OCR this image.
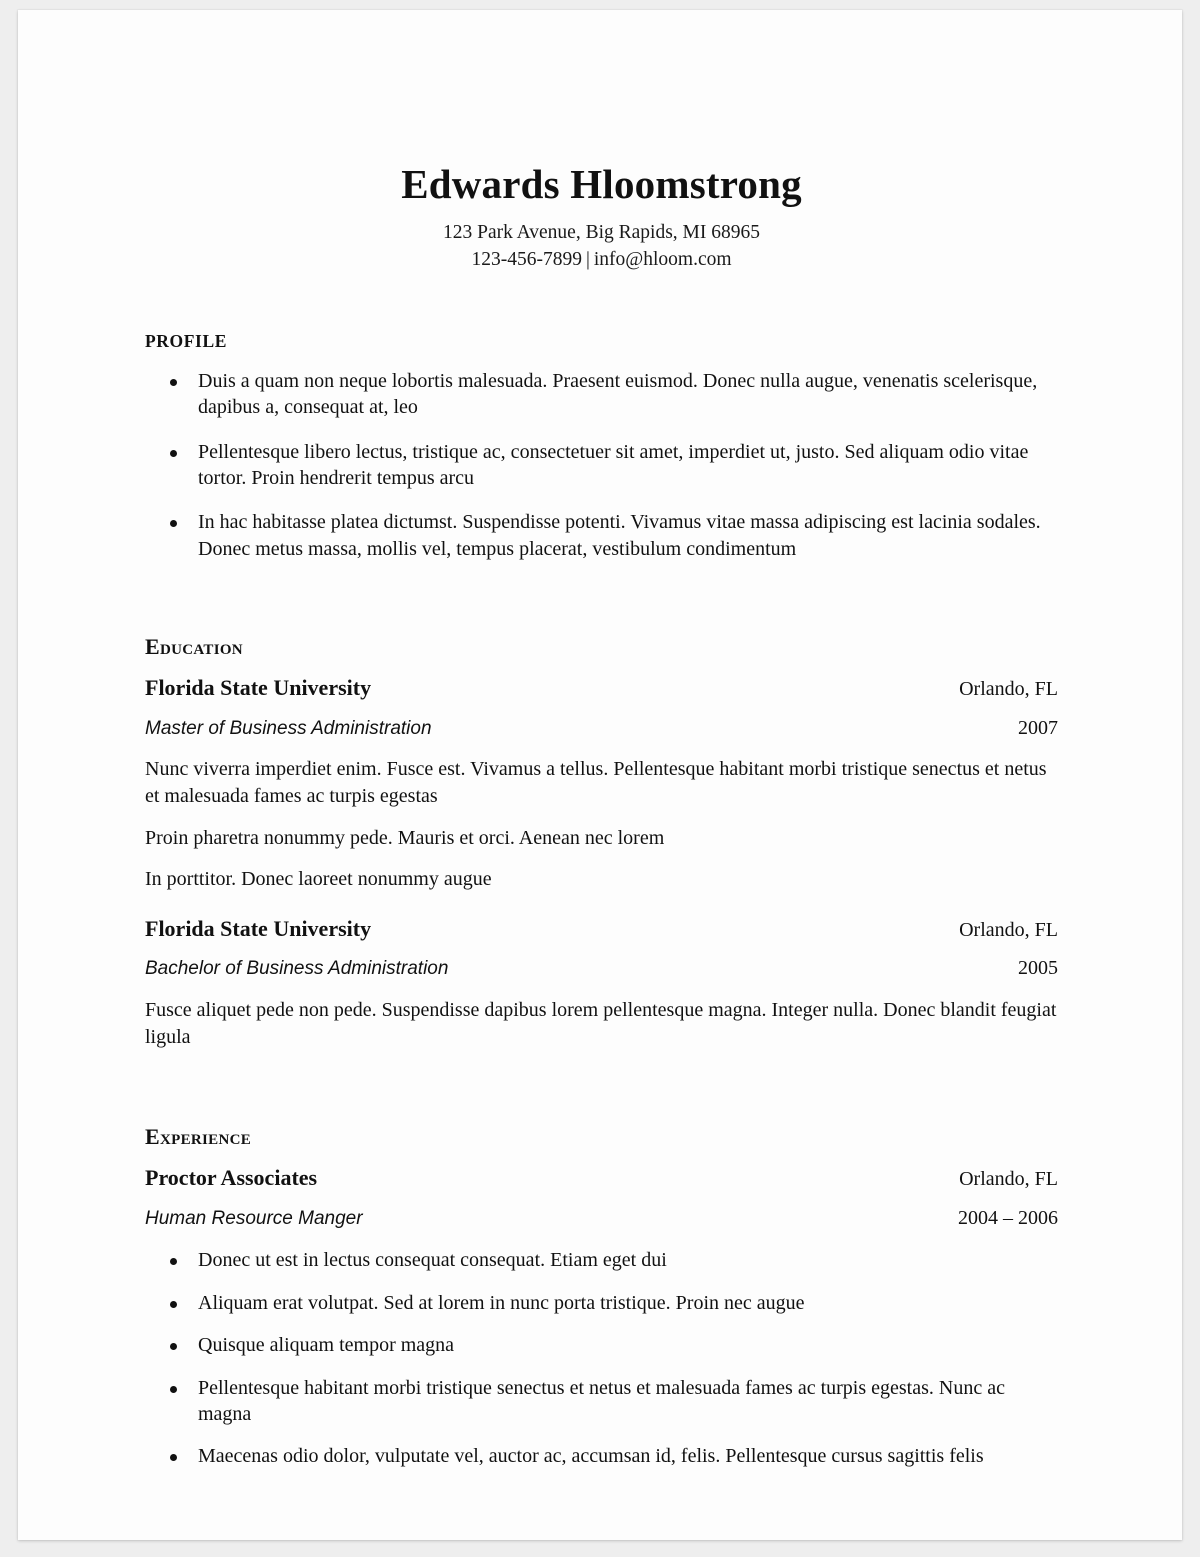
Edwards Hloomstrong

123 Park Avenue, Big Rapids, MI 68965

123-456-7899 | info@hloom.com

PROFILE
Duis a quam non neque lobortis malesuada. Praesent euismod. Donec nulla augue, venenatis scelerisque, dapibus a, consequat at, leo
Pellentesque libero lectus, tristique ac, consectetuer sit amet, imperdiet ut, justo. Sed aliquam odio vitae tortor. Proin hendrerit tempus arcu
In hac habitasse platea dictumst. Suspendisse potenti. Vivamus vitae massa adipiscing est lacinia sodales. Donec metus massa, mollis vel, tempus placerat, vestibulum condimentum
Education
Florida State University	Orlando, FL
Master of Business Administration	2007

Nunc viverra imperdiet enim. Fusce est. Vivamus a tellus. Pellentesque habitant morbi tristique senectus et netus et malesuada fames ac turpis egestas

Proin pharetra nonummy pede. Mauris et orci. Aenean nec lorem

In porttitor. Donec laoreet nonummy augue

Florida State University	Orlando, FL
Bachelor of Business Administration	2005

Fusce aliquet pede non pede. Suspendisse dapibus lorem pellentesque magna. Integer nulla. Donec blandit feugiat ligula

Experience
Proctor Associates	Orlando, FL
Human Resource Manger	2004 – 2006
Donec ut est in lectus consequat consequat. Etiam eget dui
Aliquam erat volutpat. Sed at lorem in nunc porta tristique. Proin nec augue
Quisque aliquam tempor magna
Pellentesque habitant morbi tristique senectus et netus et malesuada fames ac turpis egestas. Nunc ac magna
Maecenas odio dolor, vulputate vel, auctor ac, accumsan id, felis. Pellentesque cursus sagittis felis
